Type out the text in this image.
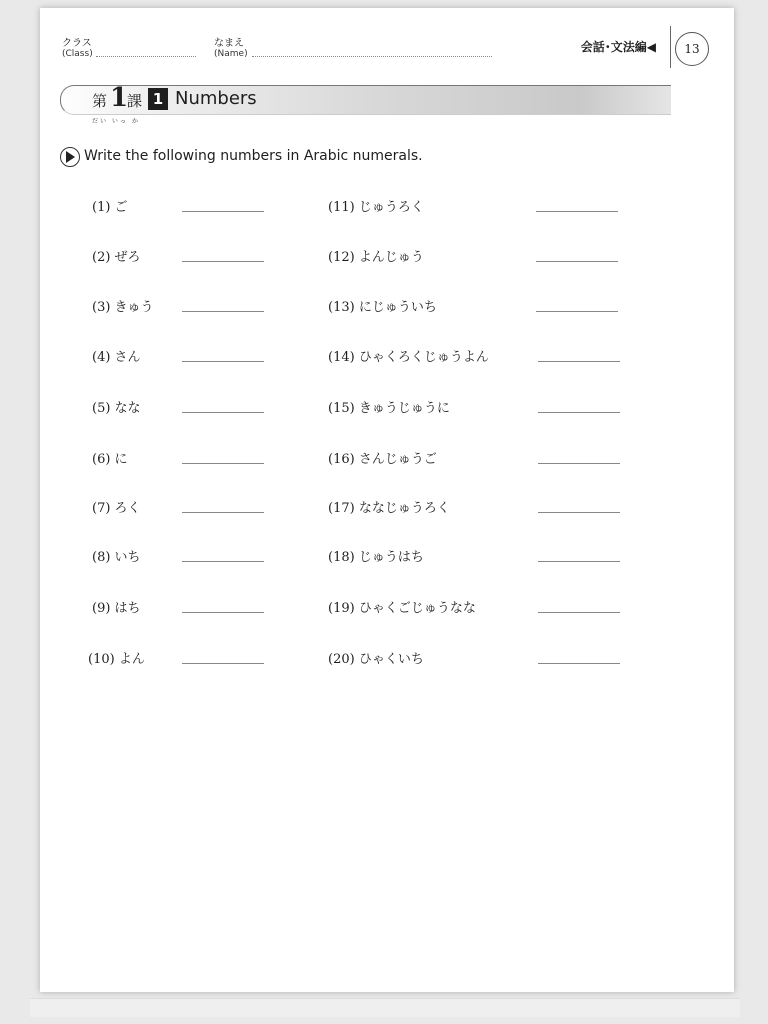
クラス
(Class)
なまえ
(Name)	会話･文法編◀	13
第 1
課 1 Numbers
だい いっ か
Write the following numbers in Arabic numerals.
(1) ご
(2) ぜろ
(3) きゅう
(4) さん
(5) なな
(6) に
(7) ろく
(8) いち
(9) はち
(10) よん
(11) じゅうろく
(12) よんじゅう
(13) にじゅういち
(14) ひゃくろくじゅうよん
(15) きゅうじゅうに
(16) さんじゅうご
(17) ななじゅうろく
(18) じゅうはち
(19) ひゃくごじゅうなな
(20) ひゃくいち
